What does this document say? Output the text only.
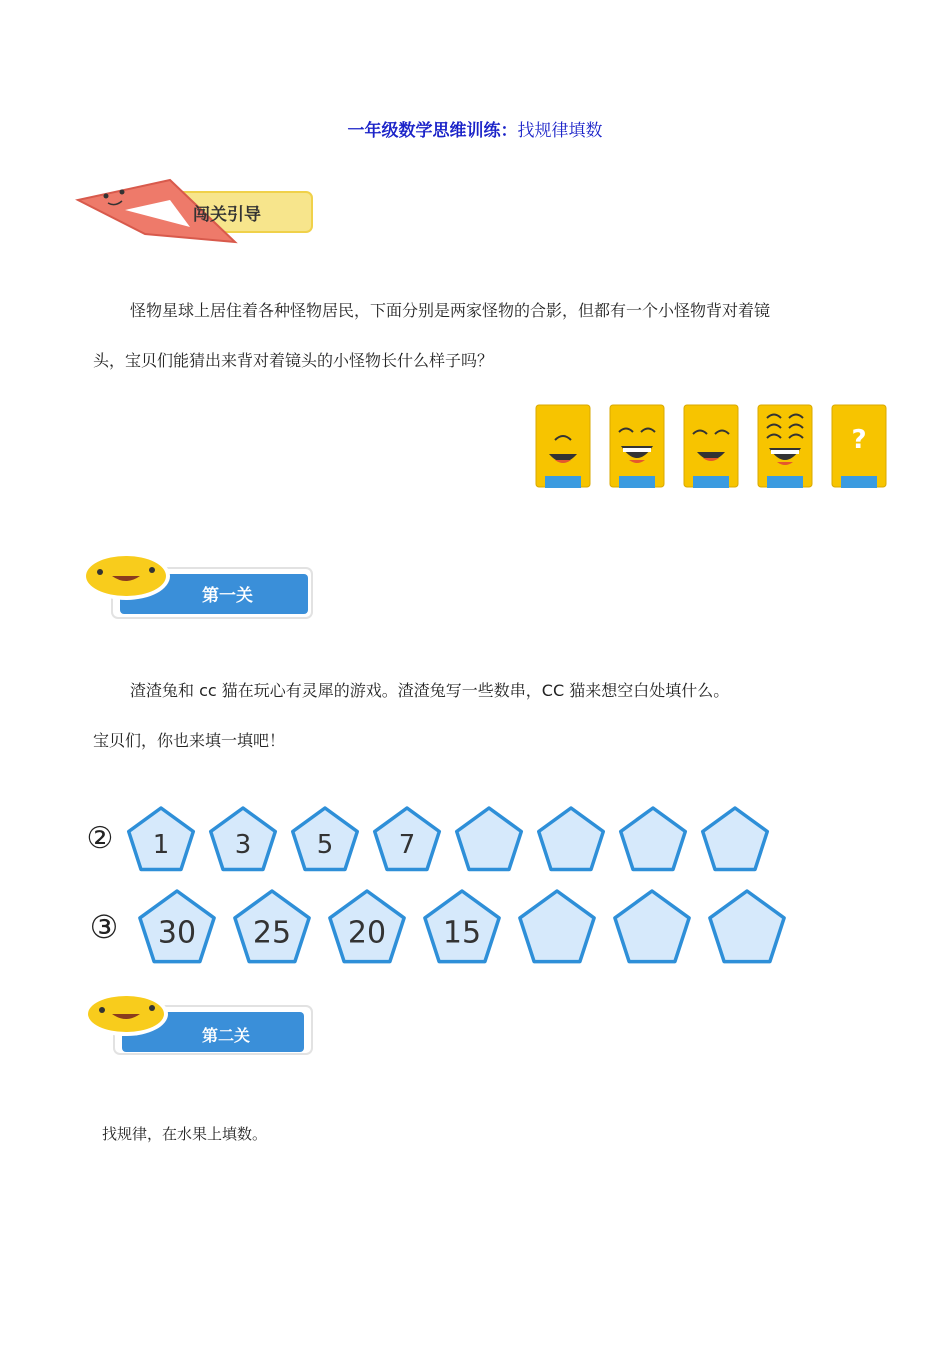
一年级数学思维训练：找规律填数
闯关引导
怪物星球上居住着各种怪物居民，下面分别是两家怪物的合影，但都有一个小怪物背对着镜
头，宝贝们能猜出来背对着镜头的小怪物长什么样子吗？
?
第一关
渣渣兔和 cc 猫在玩心有灵犀的游戏。渣渣兔写一些数串，CC 猫来想空白处填什么。
宝贝们，你也来填一填吧！
② 1	3	5	7
③ 30 25 20 15
第二关
找规律，在水果上填数。
